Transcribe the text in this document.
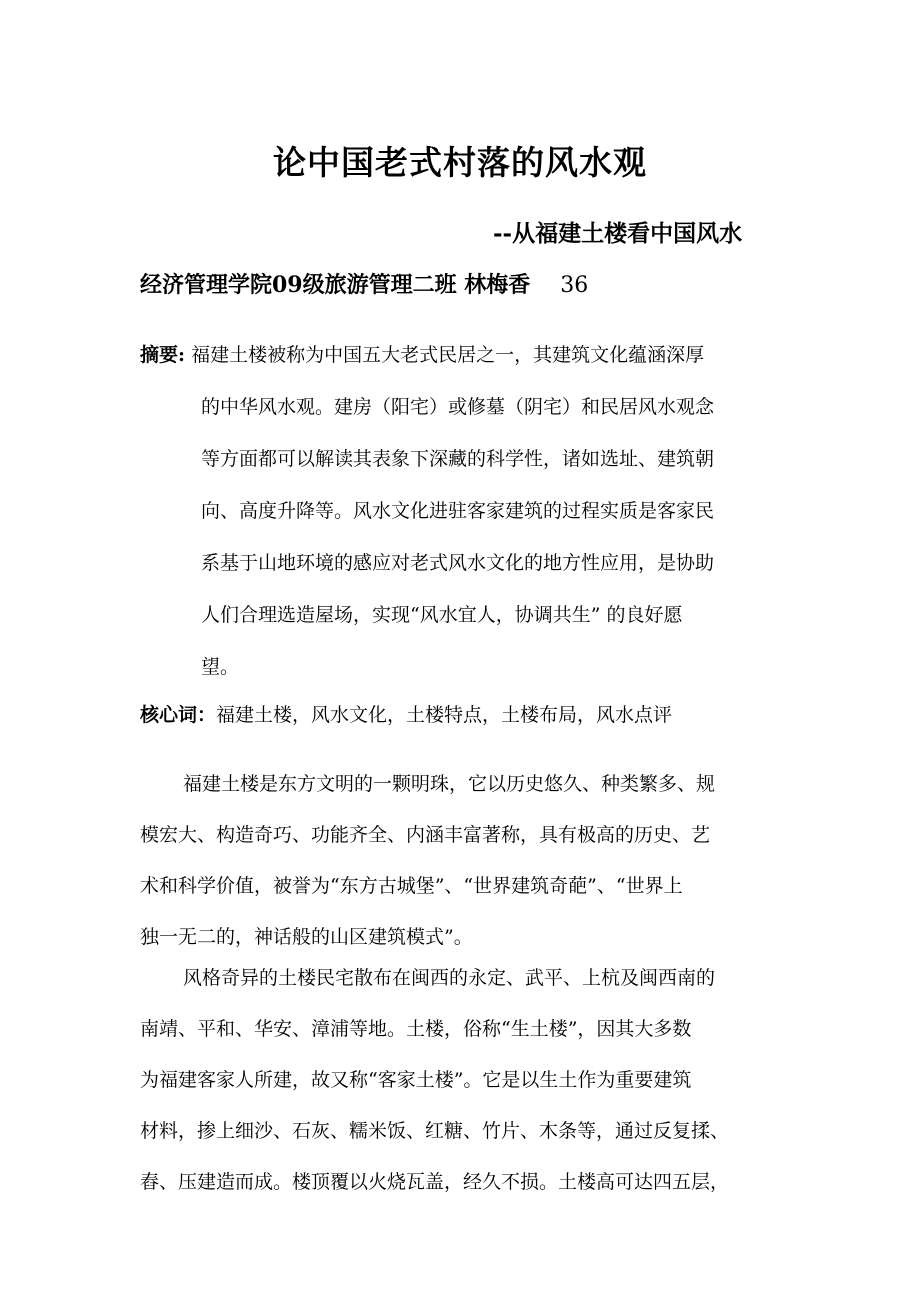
论中国老式村落的风水观
--从福建土楼看中国风水
经济管理学院09级旅游管理二班 林梅香 36
摘要: 福建土楼被称为中国五大老式民居之一，其建筑文化蕴涵深厚
的中华风水观。建房（阳宅）或修墓（阴宅）和民居风水观念
等方面都可以解读其表象下深藏的科学性，诸如选址、建筑朝
向、高度升降等。风水文化进驻客家建筑的过程实质是客家民
系基于山地环境的感应对老式风水文化的地方性应用，是协助
人们合理选造屋场，实现“风水宜人，协调共生” 的良好愿
望。
核心词：福建土楼，风水文化，土楼特点，土楼布局，风水点评
福建土楼是东方文明的一颗明珠，它以历史悠久、种类繁多、规
模宏大、构造奇巧、功能齐全、内涵丰富著称，具有极高的历史、艺
术和科学价值，被誉为“东方古城堡”、“世界建筑奇葩”、“世界上
独一无二的，神话般的山区建筑模式”。
风格奇异的土楼民宅散布在闽西的永定、武平、上杭及闽西南的
南靖、平和、华安、漳浦等地。土楼，俗称“生土楼”，因其大多数
为福建客家人所建，故又称“客家土楼”。它是以生土作为重要建筑
材料，掺上细沙、石灰、糯米饭、红糖、竹片、木条等，通过反复揉、
舂、压建造而成。楼顶覆以火烧瓦盖，经久不损。土楼高可达四五层，
